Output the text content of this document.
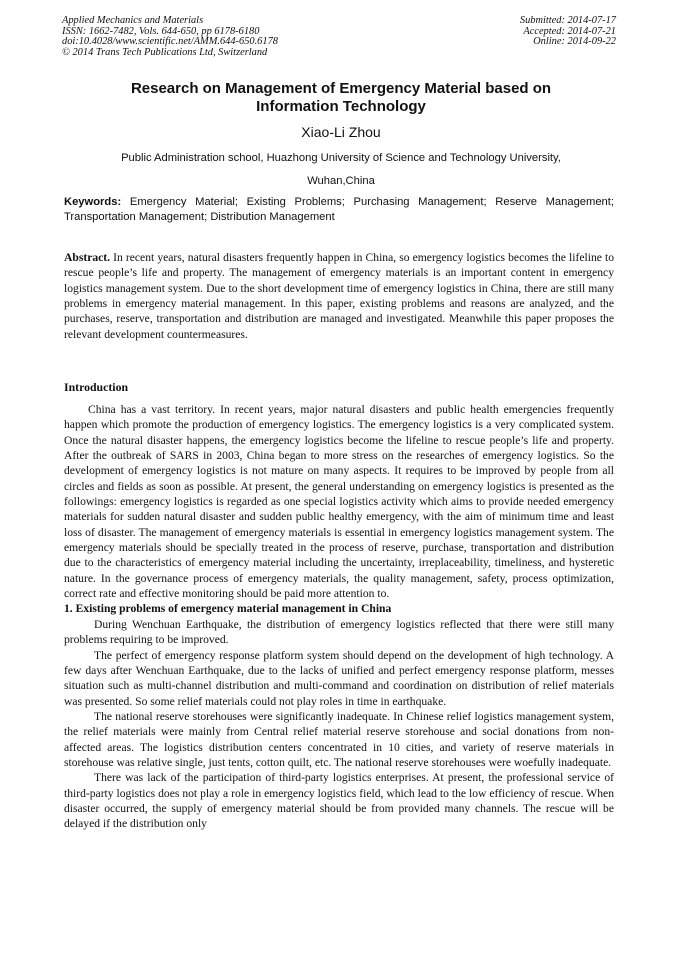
Applied Mechanics and Materials
ISSN: 1662-7482, Vols. 644-650, pp 6178-6180
doi:10.4028/www.scientific.net/AMM.644-650.6178
© 2014 Trans Tech Publications Ltd, Switzerland
Submitted: 2014-07-17
Accepted: 2014-07-21
Online: 2014-09-22
Research on Management of Emergency Material based on
Information Technology
Xiao-Li Zhou
Public Administration school, Huazhong University of Science and Technology University,
Wuhan,China
Keywords: Emergency Material; Existing Problems; Purchasing Management; Reserve Management; Transportation Management; Distribution Management
Abstract. In recent years, natural disasters frequently happen in China, so emergency logistics becomes the lifeline to rescue people’s life and property. The management of emergency materials is an important content in emergency logistics management system. Due to the short development time of emergency logistics in China, there are still many problems in emergency material management. In this paper, existing problems and reasons are analyzed, and the purchases, reserve, transportation and distribution are managed and investigated. Meanwhile this paper proposes the relevant development countermeasures.
Introduction

China has a vast territory. In recent years, major natural disasters and public health emergencies frequently happen which promote the production of emergency logistics. The emergency logistics is a very complicated system. Once the natural disaster happens, the emergency logistics become the lifeline to rescue people’s life and property. After the outbreak of SARS in 2003, China began to more stress on the researches of emergency logistics. So the development of emergency logistics is not mature on many aspects. It requires to be improved by people from all circles and fields as soon as possible. At present, the general understanding on emergency logistics is presented as the followings: emergency logistics is regarded as one special logistics activity which aims to provide needed emergency materials for sudden natural disaster and sudden public healthy emergency, with the aim of minimum time and least loss of disaster. The management of emergency materials is essential in emergency logistics management system. The emergency materials should be specially treated in the process of reserve, purchase, transportation and distribution due to the characteristics of emergency material including the uncertainty, irreplaceability, timeliness, and hysteretic nature. In the governance process of emergency materials, the quality management, safety, process optimization, correct rate and effective monitoring should be paid more attention to.

1. Existing problems of emergency material management in China

During Wenchuan Earthquake, the distribution of emergency logistics reflected that there were still many problems requiring to be improved.

The perfect of emergency response platform system should depend on the development of high technology. A few days after Wenchuan Earthquake, due to the lacks of unified and perfect emergency response platform, messes situation such as multi-channel distribution and multi-command and coordination on distribution of relief materials was presented. So some relief materials could not play roles in time in earthquake.

The national reserve storehouses were significantly inadequate. In Chinese relief logistics management system, the relief materials were mainly from Central relief material reserve storehouse and social donations from non-affected areas. The logistics distribution centers concentrated in 10 cities, and variety of reserve materials in storehouse was relative single, just tents, cotton quilt, etc. The national reserve storehouses were woefully inadequate.

There was lack of the participation of third-party logistics enterprises. At present, the professional service of third-party logistics does not play a role in emergency logistics field, which lead to the low efficiency of rescue. When disaster occurred, the supply of emergency material should be from provided many channels. The rescue will be delayed if the distribution only
